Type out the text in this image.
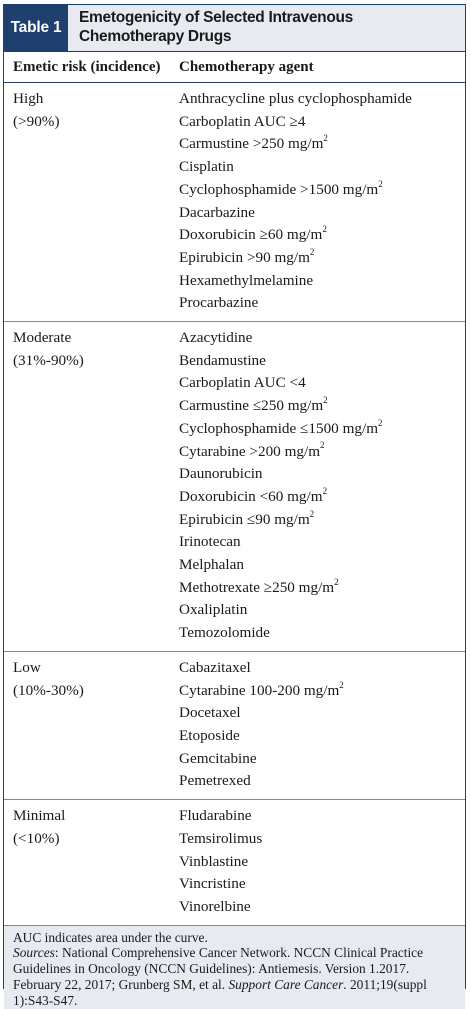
Table 1
Emetogenicity of Selected Intravenous
Chemotherapy Drugs
Emetic risk (incidence)	Chemotherapy agent
High
(>90%)
Anthracycline plus cyclophosphamide
Carboplatin AUC ≥4
Carmustine >250 $mg/m^2$
Cisplatin
Cyclophosphamide >1500 $mg/m^2$
Dacarbazine
Doxorubicin ≥60 $mg/m^2$
Epirubicin >90 $mg/m^2$
Hexamethylmelamine
Procarbazine
Moderate
(31%-90%)
Azacytidine
Bendamustine
Carboplatin AUC <4
Carmustine ≤250 $mg/m^2$
Cyclophosphamide ≤1500 $mg/m^2$
Cytarabine >200 $mg/m^2$
Daunorubicin
Doxorubicin <60 $mg/m^2$
Epirubicin ≤90 $mg/m^2$
Irinotecan
Melphalan
Methotrexate ≥250 $mg/m^2$
Oxaliplatin
Temozolomide
Low
(10%-30%)
Cabazitaxel
Cytarabine 100-200 $mg/m^2$
Docetaxel
Etoposide
Gemcitabine
Pemetrexed
Minimal
(<10%)
Fludarabine
Temsirolimus
Vinblastine
Vincristine
Vinorelbine
AUC indicates area under the curve.
Sources: National Comprehensive Cancer Network. NCCN Clinical Practice Guidelines in Oncology (NCCN Guidelines): Antiemesis. Version 1.2017. February 22, 2017; Grunberg SM, et al. Support Care Cancer. 2011;19(suppl 1):S43-S47.
